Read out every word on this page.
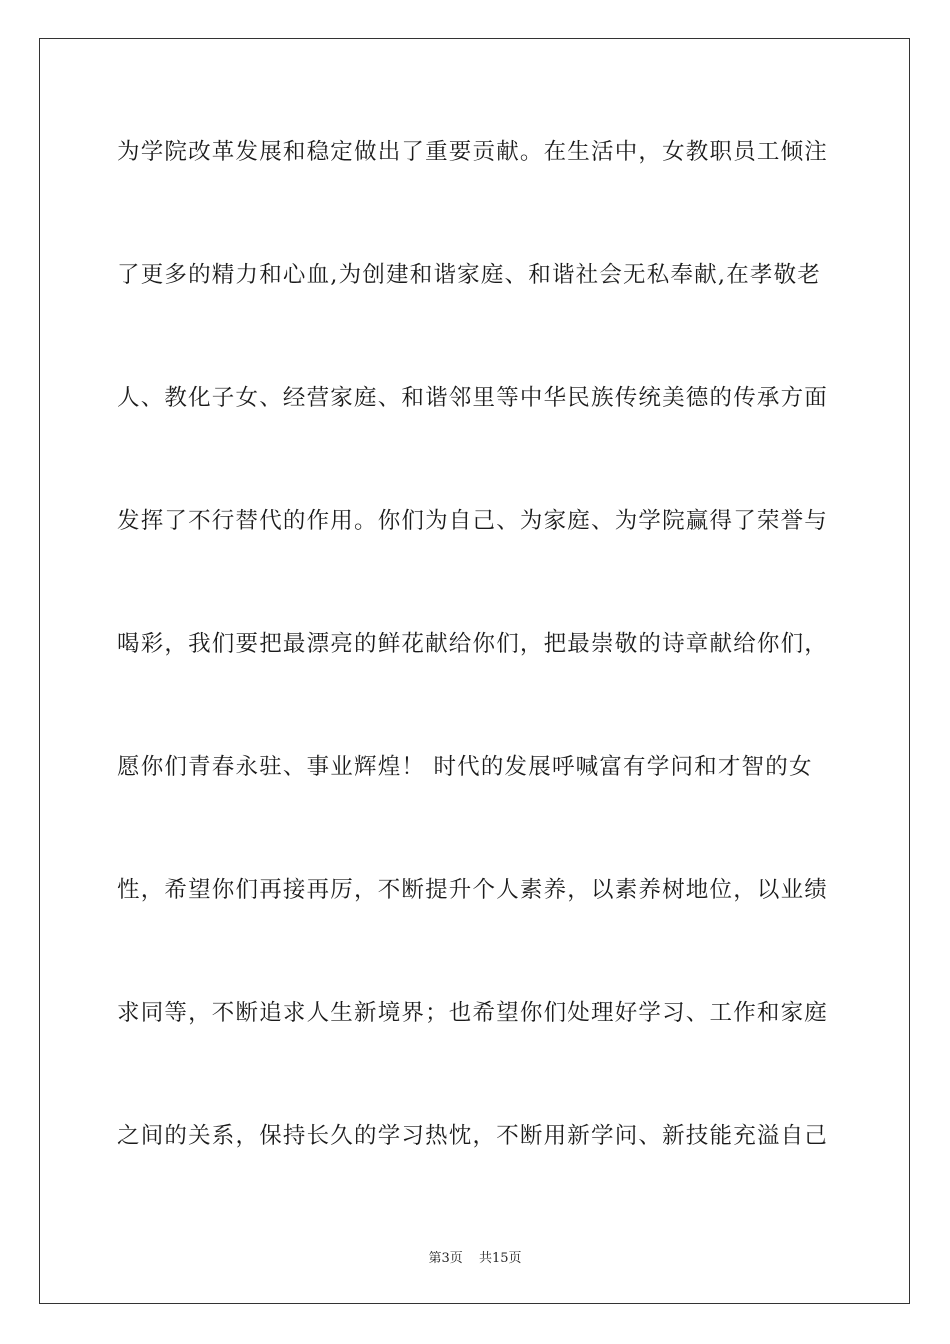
为学院改革发展和稳定做出了重要贡献。在生活中，女教职员工倾注
了更多的精力和心血,为创建和谐家庭、和谐社会无私奉献,在孝敬老
人、教化子女、经营家庭、和谐邻里等中华民族传统美德的传承方面
发挥了不行替代的作用。你们为自己、为家庭、为学院赢得了荣誉与
喝彩，我们要把最漂亮的鲜花献给你们，把最崇敬的诗章献给你们，
愿你们青春永驻、事业辉煌！ 时代的发展呼喊富有学问和才智的女
性，希望你们再接再厉，不断提升个人素养，以素养树地位，以业绩
求同等，不断追求人生新境界；也希望你们处理好学习、工作和家庭
之间的关系，保持长久的学习热忱，不断用新学问、新技能充溢自己
第3页 共15页
